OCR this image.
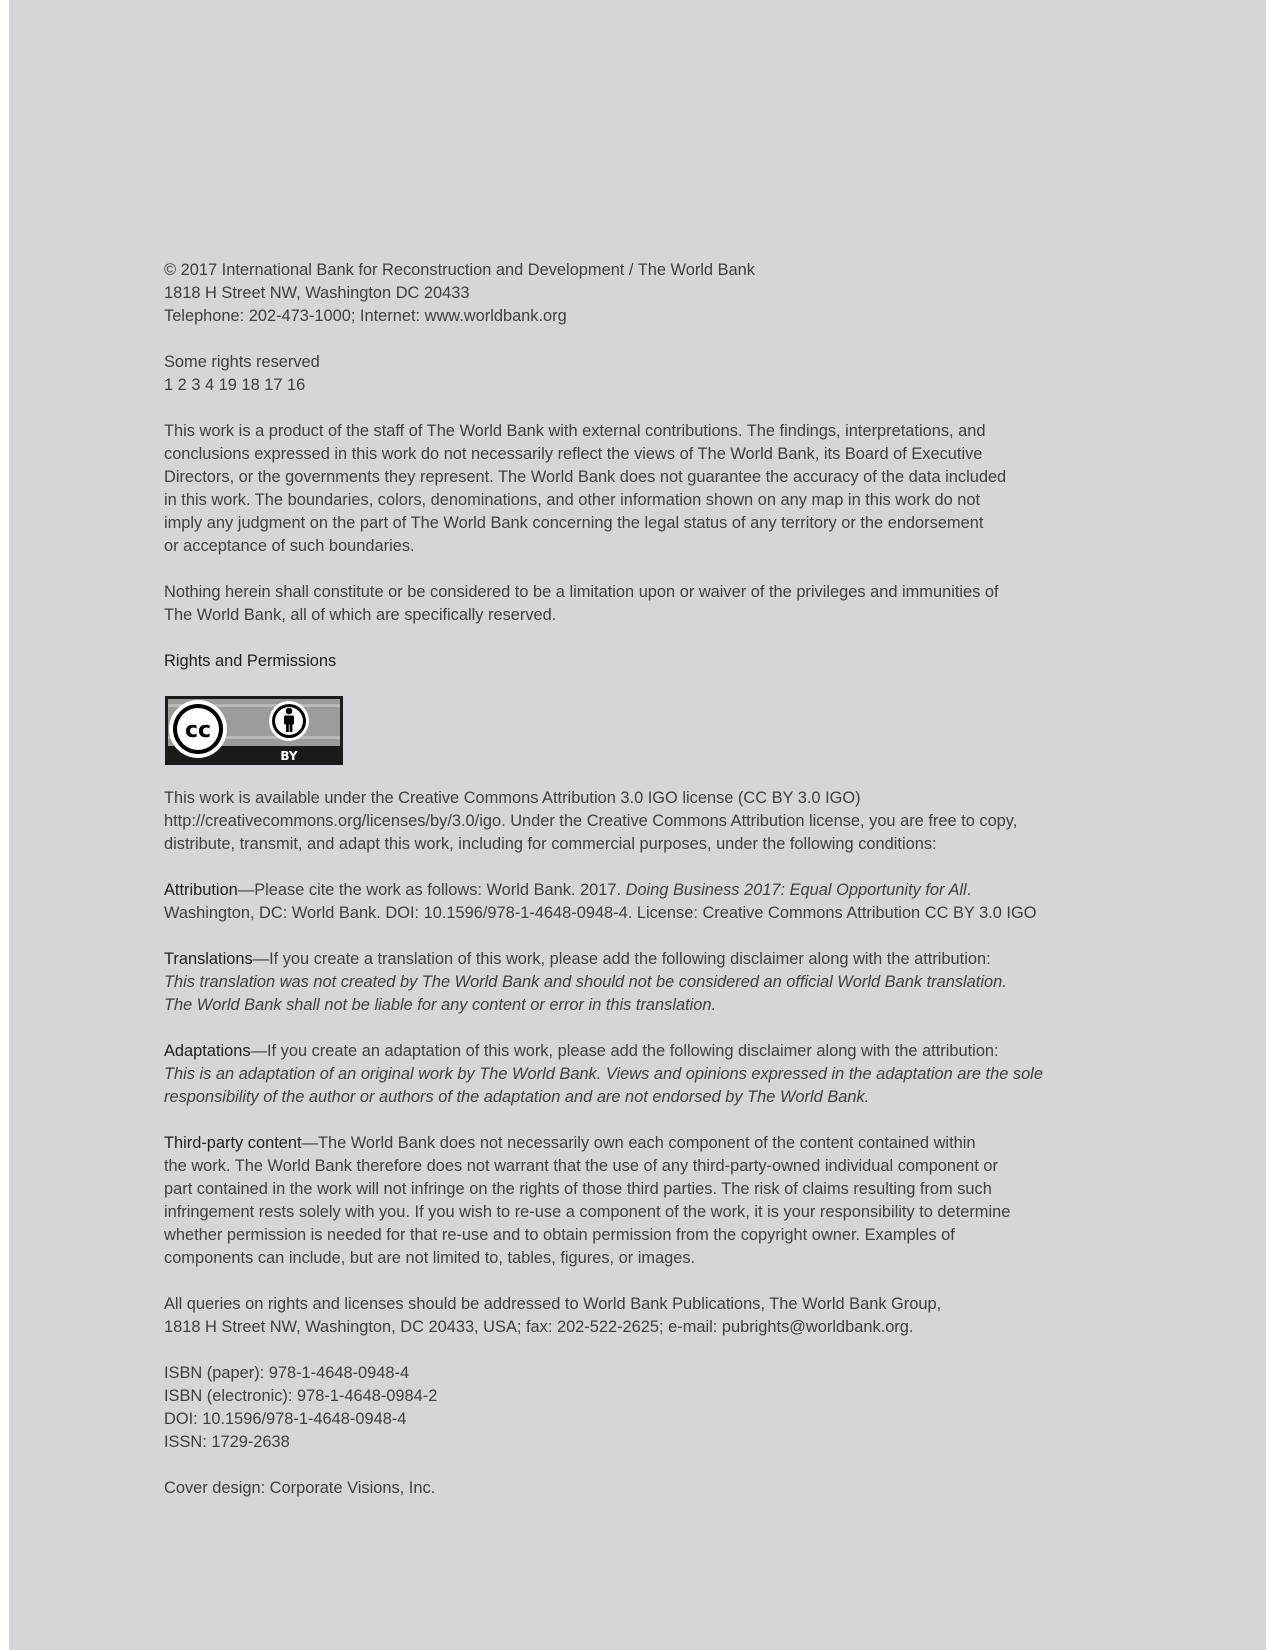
© 2017 International Bank for Reconstruction and Development / The World Bank
1818 H Street NW, Washington DC 20433
Telephone: 202-473-1000; Internet: www.worldbank.org

Some rights reserved
1 2 3 4 19 18 17 16

This work is a product of the staff of The World Bank with external contributions. The findings, interpretations, and
conclusions expressed in this work do not necessarily reflect the views of The World Bank, its Board of Executive
Directors, or the governments they represent. The World Bank does not guarantee the accuracy of the data included
in this work. The boundaries, colors, denominations, and other information shown on any map in this work do not
imply any judgment on the part of The World Bank concerning the legal status of any territory or the endorsement
or acceptance of such boundaries.

Nothing herein shall constitute or be considered to be a limitation upon or waiver of the privileges and immunities of
The World Bank, all of which are specifically reserved.

Rights and Permissions

cc
BY

This work is available under the Creative Commons Attribution 3.0 IGO license (CC BY 3.0 IGO)
http://creativecommons.org/licenses/by/3.0/igo. Under the Creative Commons Attribution license, you are free to copy,
distribute, transmit, and adapt this work, including for commercial purposes, under the following conditions:

Attribution—Please cite the work as follows: World Bank. 2017. Doing Business 2017: Equal Opportunity for All.
Washington, DC: World Bank. DOI: 10.1596/978-1-4648-0948-4. License: Creative Commons Attribution CC BY 3.0 IGO

Translations—If you create a translation of this work, please add the following disclaimer along with the attribution:
This translation was not created by The World Bank and should not be considered an official World Bank translation.
The World Bank shall not be liable for any content or error in this translation.

Adaptations—If you create an adaptation of this work, please add the following disclaimer along with the attribution:
This is an adaptation of an original work by The World Bank. Views and opinions expressed in the adaptation are the sole
responsibility of the author or authors of the adaptation and are not endorsed by The World Bank.

Third-party content—The World Bank does not necessarily own each component of the content contained within
the work. The World Bank therefore does not warrant that the use of any third-party-owned individual component or
part contained in the work will not infringe on the rights of those third parties. The risk of claims resulting from such
infringement rests solely with you. If you wish to re-use a component of the work, it is your responsibility to determine
whether permission is needed for that re-use and to obtain permission from the copyright owner. Examples of
components can include, but are not limited to, tables, figures, or images.

All queries on rights and licenses should be addressed to World Bank Publications, The World Bank Group,
1818 H Street NW, Washington, DC 20433, USA; fax: 202-522-2625; e-mail: pubrights@worldbank.org.

ISBN (paper): 978-1-4648-0948-4
ISBN (electronic): 978-1-4648-0984-2
DOI: 10.1596/978-1-4648-0948-4
ISSN: 1729-2638

Cover design: Corporate Visions, Inc.
